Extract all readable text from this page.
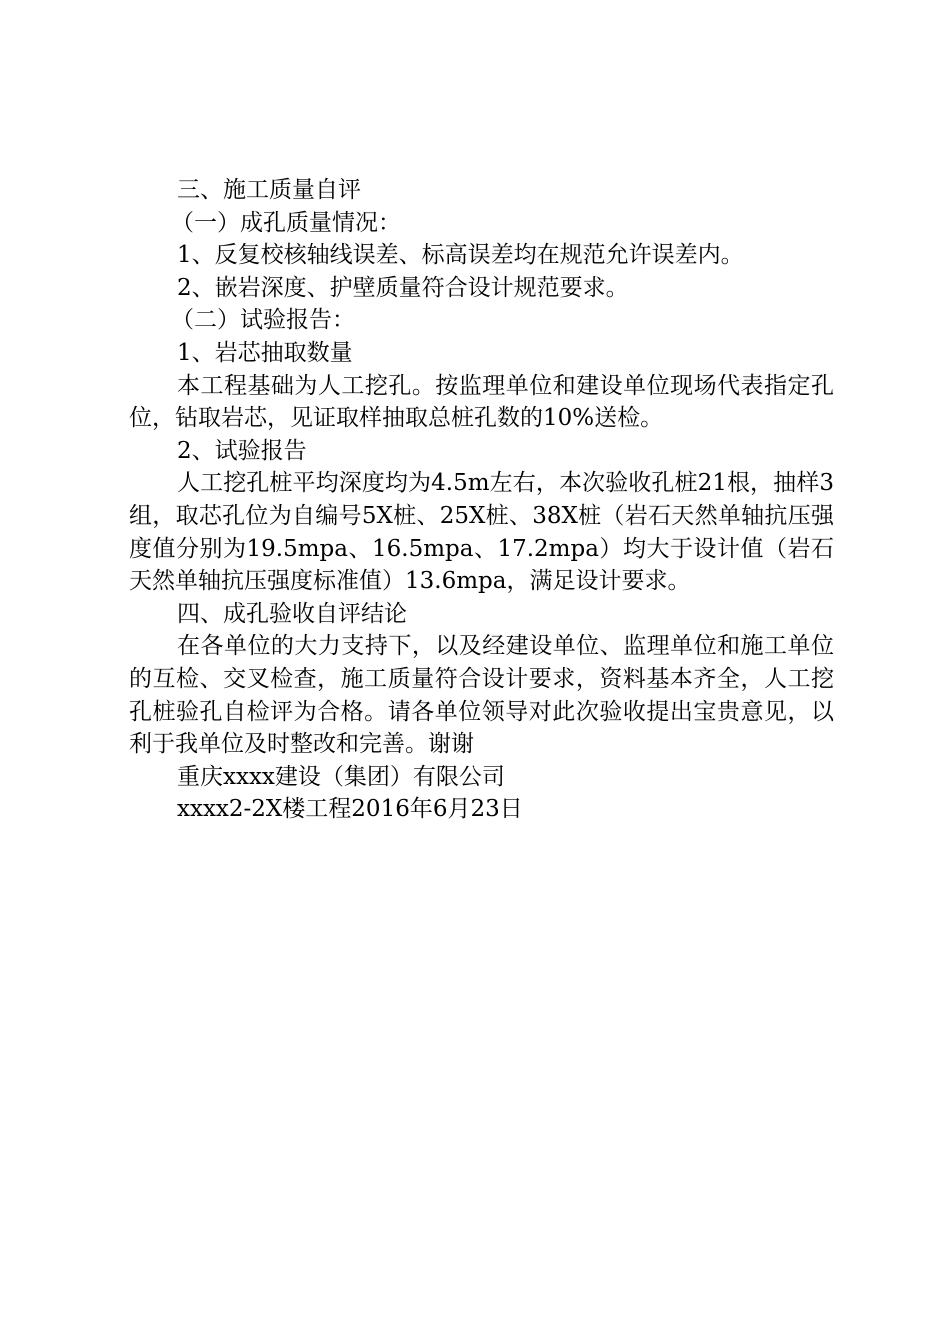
三、施工质量自评
（一）成孔质量情况：
1、反复校核轴线误差、标高误差均在规范允许误差内。
2、嵌岩深度、护壁质量符合设计规范要求。
（二）试验报告：
1、岩芯抽取数量
本工程基础为人工挖孔。按监理单位和建设单位现场代表指定孔位，钻取岩芯，见证取样抽取总桩孔数的10%送检。
2、试验报告
人工挖孔桩平均深度均为4.5m左右，本次验收孔桩21根，抽样3组，取芯孔位为自编号5X桩、25X桩、38X桩（岩石天然单轴抗压强度值分别为19.5mpa、16.5mpa、17.2mpa）均大于设计值（岩石天然单轴抗压强度标准值）13.6mpa，满足设计要求。
四、成孔验收自评结论
在各单位的大力支持下，以及经建设单位、监理单位和施工单位的互检、交叉检查，施工质量符合设计要求，资料基本齐全，人工挖孔桩验孔自检评为合格。请各单位领导对此次验收提出宝贵意见，以利于我单位及时整改和完善。谢谢
重庆xxxx建设（集团）有限公司
xxxx2-2X楼工程2016年6月23日
